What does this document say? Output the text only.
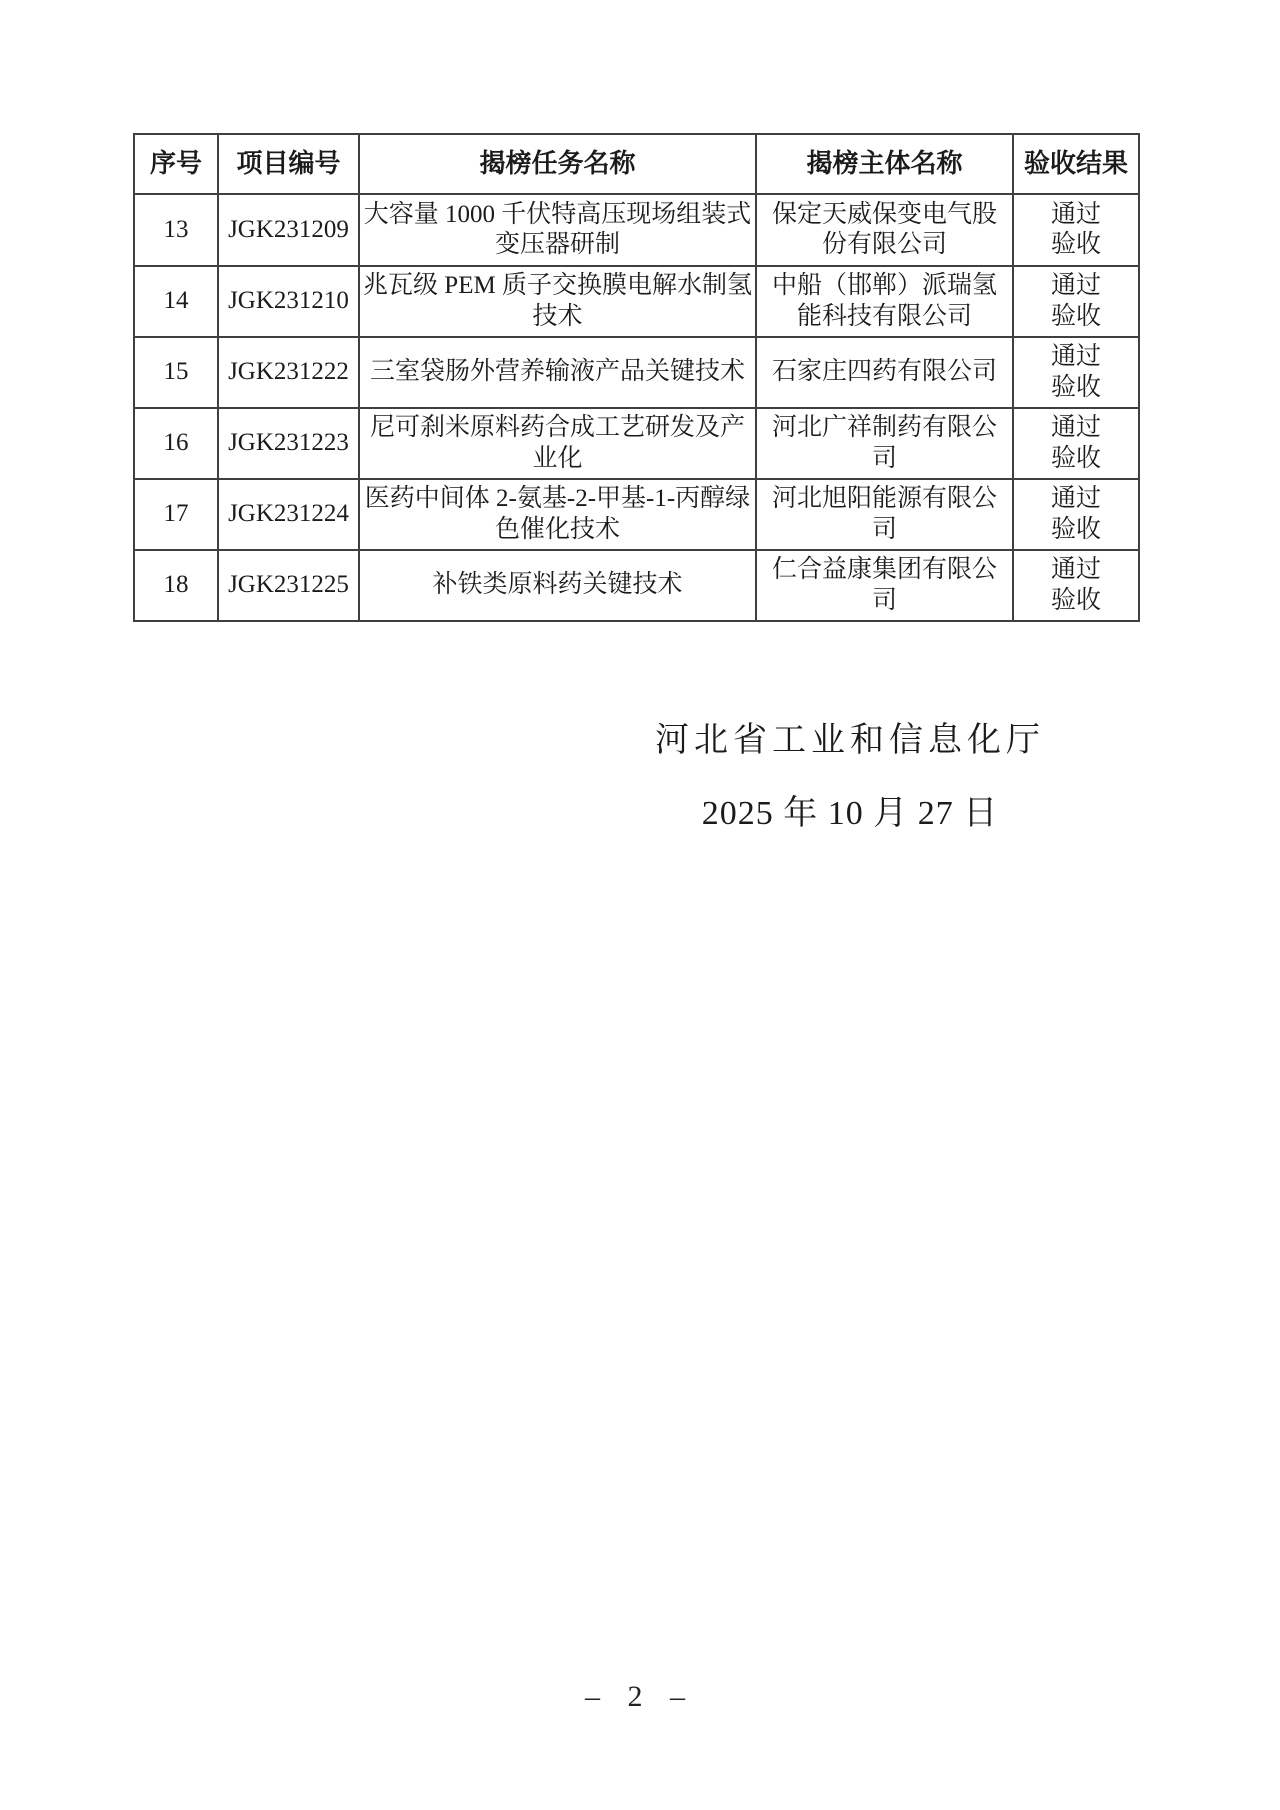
序号	项目编号	揭榜任务名称	揭榜主体名称	验收结果
13	JGK231209	大容量 1000 千伏特高压现场组装式变压器研制	保定天威保变电气股份有限公司	通过验收
14	JGK231210	兆瓦级 PEM 质子交换膜电解水制氢技术	中船（邯郸）派瑞氢能科技有限公司	通过验收
15	JGK231222	三室袋肠外营养输液产品关键技术	石家庄四药有限公司	通过验收
16	JGK231223	尼可刹米原料药合成工艺研发及产业化	河北广祥制药有限公司	通过验收
17	JGK231224	医药中间体 2-氨基-2-甲基-1-丙醇绿色催化技术	河北旭阳能源有限公司	通过验收
18	JGK231225	补铁类原料药关键技术	仁合益康集团有限公司	通过验收
河北省工业和信息化厅
2025 年 10 月 27 日
– 2 –
